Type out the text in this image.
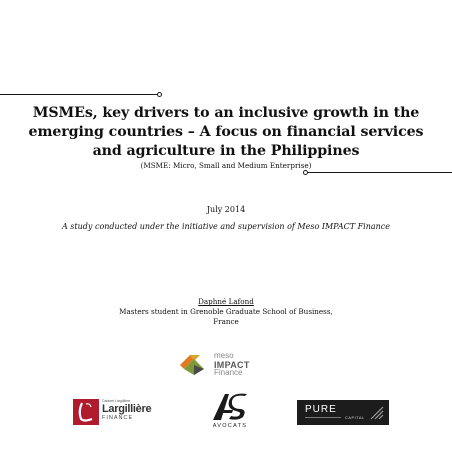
MSMEs, key drivers to an inclusive growth in the
emerging countries – A focus on financial services
and agriculture in the Philippines
(MSME: Micro, Small and Medium Enterprise)
July 2014
A study conducted under the initiative and supervision of Meso IMPACT Finance
Daphné Lafond
Masters student in Grenoble Graduate School of Business,
France
meso
IMPACT
Finance
Cabinet Largillière
Largillière
FINANCE
AVOCATS
PURE
CAPITAL
